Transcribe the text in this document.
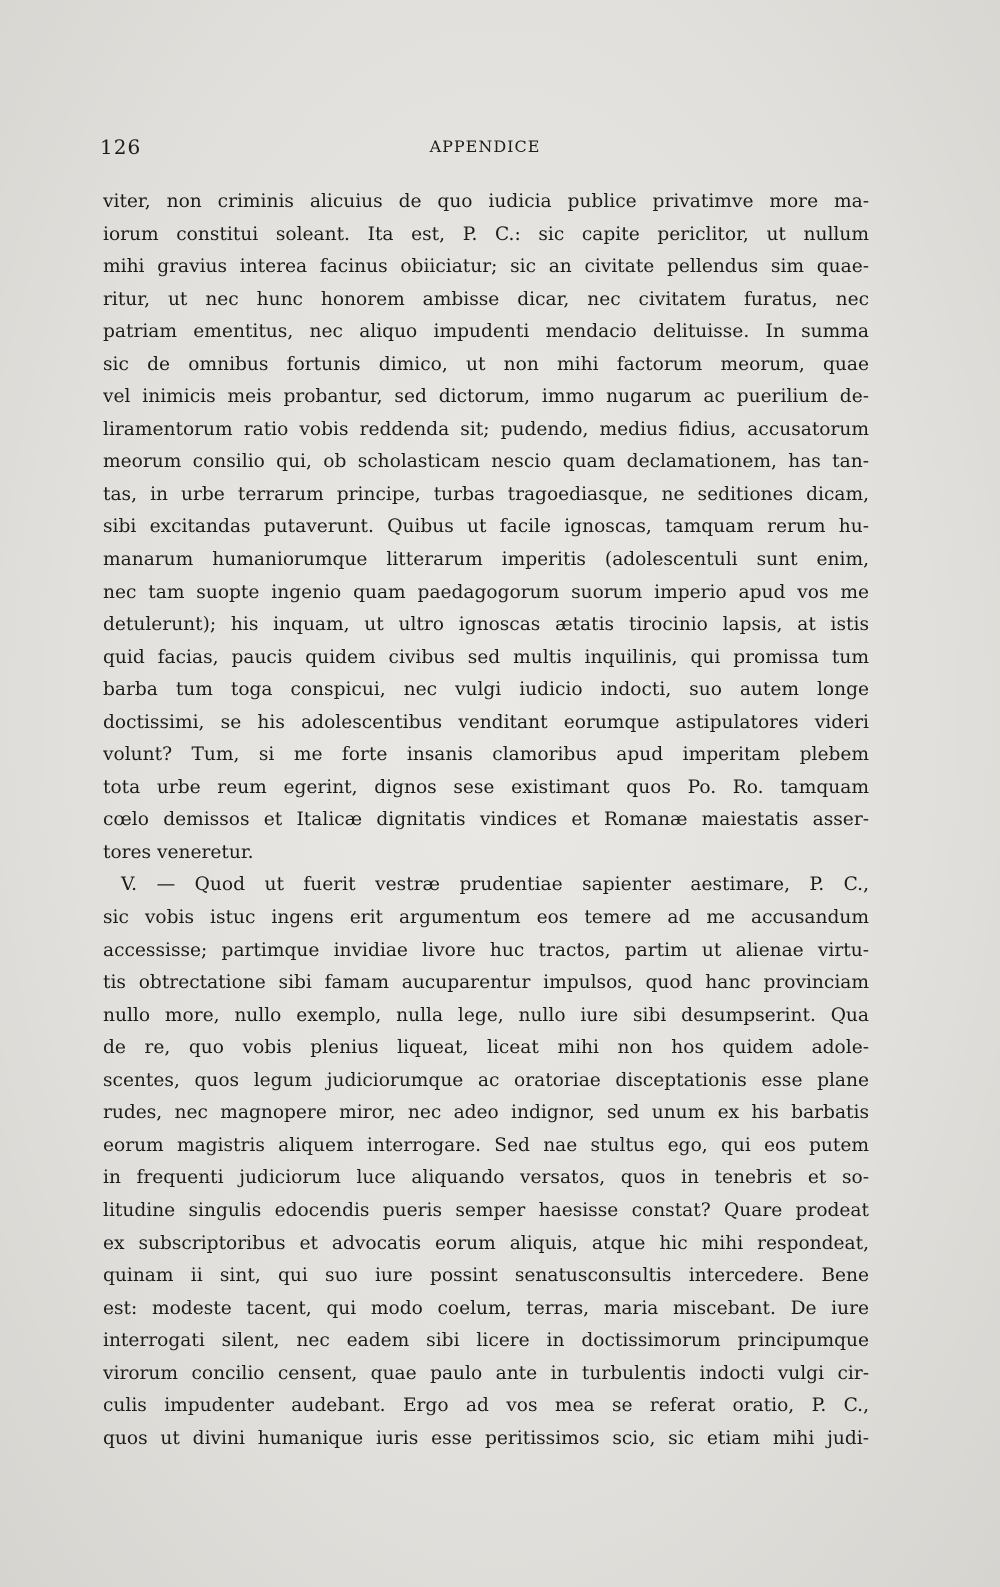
126	APPENDICE
viter, non criminis alicuius de quo iudicia publice privatimve more ma-
iorum constitui soleant. Ita est, P. C.: sic capite periclitor, ut nullum
mihi gravius interea facinus obiiciatur; sic an civitate pellendus sim quae-
ritur, ut nec hunc honorem ambisse dicar, nec civitatem furatus, nec
patriam ementitus, nec aliquo impudenti mendacio delituisse. In summa
sic de omnibus fortunis dimico, ut non mihi factorum meorum, quae
vel inimicis meis probantur, sed dictorum, immo nugarum ac puerilium de-
liramentorum ratio vobis reddenda sit; pudendo, medius fidius, accusatorum
meorum consilio qui, ob scholasticam nescio quam declamationem, has tan-
tas, in urbe terrarum principe, turbas tragoediasque, ne seditiones dicam,
sibi excitandas putaverunt. Quibus ut facile ignoscas, tamquam rerum hu-
manarum humaniorumque litterarum imperitis (adolescentuli sunt enim,
nec tam suopte ingenio quam paedagogorum suorum imperio apud vos me
detulerunt); his inquam, ut ultro ignoscas ætatis tirocinio lapsis, at istis
quid facias, paucis quidem civibus sed multis inquilinis, qui promissa tum
barba tum toga conspicui, nec vulgi iudicio indocti, suo autem longe
doctissimi, se his adolescentibus venditant eorumque astipulatores videri
volunt? Tum, si me forte insanis clamoribus apud imperitam plebem
tota urbe reum egerint, dignos sese existimant quos Po. Ro. tamquam
cœlo demissos et Italicæ dignitatis vindices et Romanæ maiestatis asser-
tores veneretur.
V. — Quod ut fuerit vestræ prudentiae sapienter aestimare, P. C.,
sic vobis istuc ingens erit argumentum eos temere ad me accusandum
accessisse; partimque invidiae livore huc tractos, partim ut alienae virtu-
tis obtrectatione sibi famam aucuparentur impulsos, quod hanc provinciam
nullo more, nullo exemplo, nulla lege, nullo iure sibi desumpserint. Qua
de re, quo vobis plenius liqueat, liceat mihi non hos quidem adole-
scentes, quos legum judiciorumque ac oratoriae disceptationis esse plane
rudes, nec magnopere miror, nec adeo indignor, sed unum ex his barbatis
eorum magistris aliquem interrogare. Sed nae stultus ego, qui eos putem
in frequenti judiciorum luce aliquando versatos, quos in tenebris et so-
litudine singulis edocendis pueris semper haesisse constat? Quare prodeat
ex subscriptoribus et advocatis eorum aliquis, atque hic mihi respondeat,
quinam ii sint, qui suo iure possint senatusconsultis intercedere. Bene
est: modeste tacent, qui modo coelum, terras, maria miscebant. De iure
interrogati silent, nec eadem sibi licere in doctissimorum principumque
virorum concilio censent, quae paulo ante in turbulentis indocti vulgi cir-
culis impudenter audebant. Ergo ad vos mea se referat oratio, P. C.,
quos ut divini humanique iuris esse peritissimos scio, sic etiam mihi judi-
